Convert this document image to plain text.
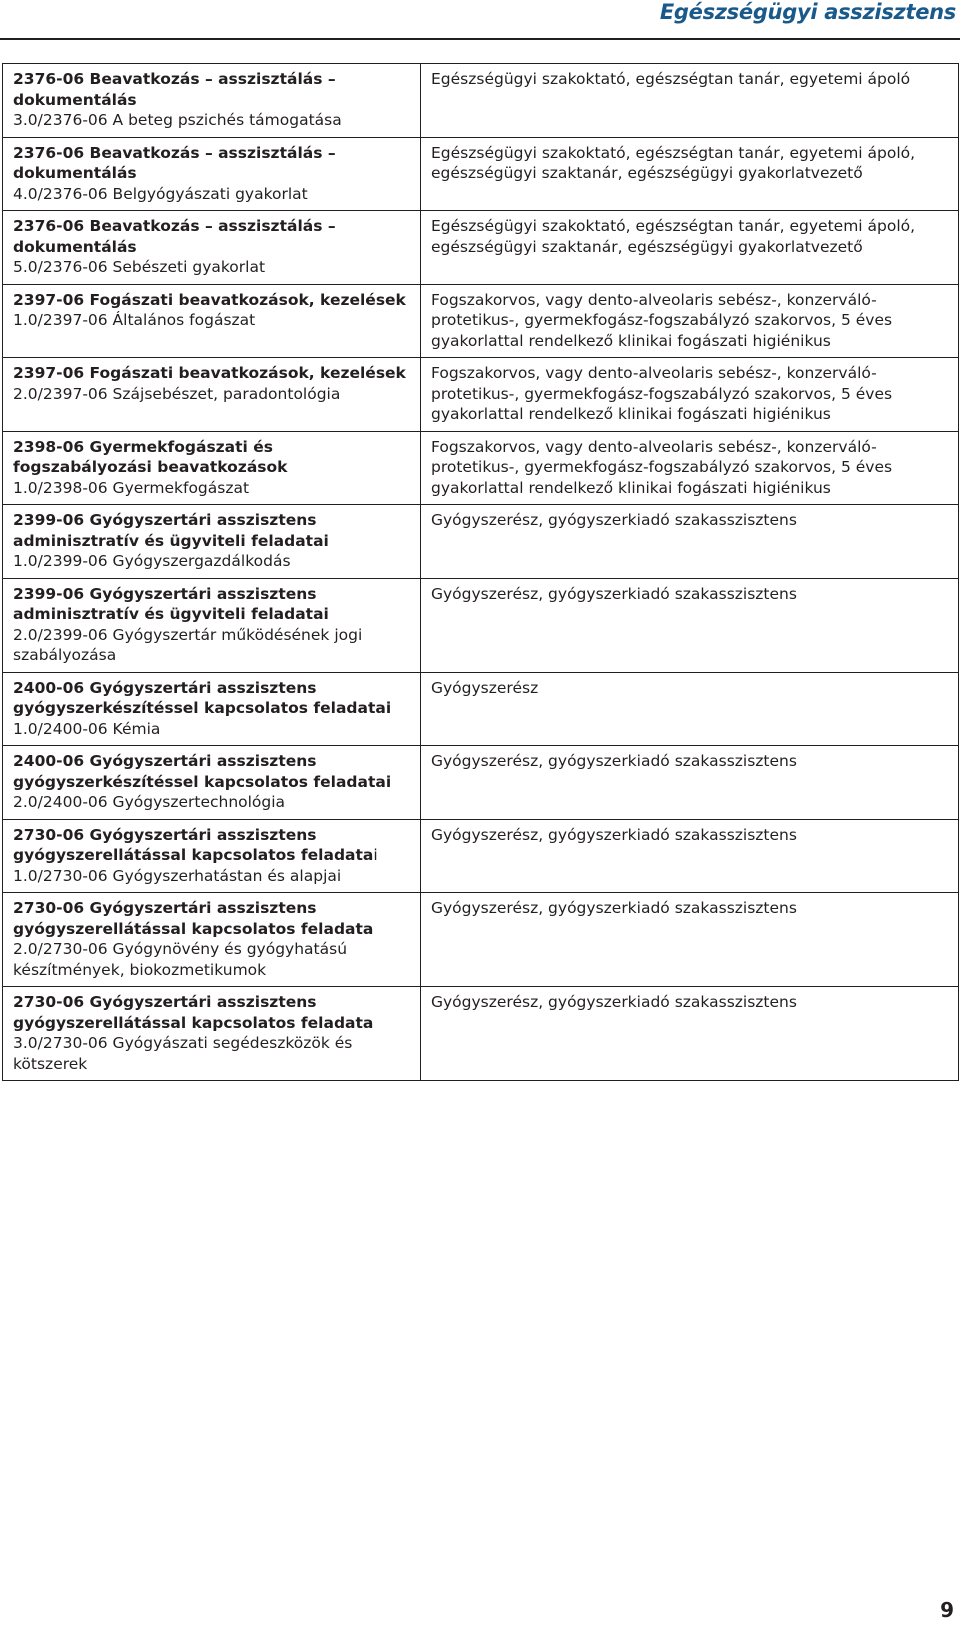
Egészségügyi asszisztens
2376-06 Beavatkozás – asszisztálás – dokumentálás
3.0/2376-06 A beteg pszichés támogatása	Egészségügyi szakoktató, egészségtan tanár, egyetemi ápoló

2376-06 Beavatkozás – asszisztálás – dokumentálás
4.0/2376-06 Belgyógyászati gyakorlat	Egészségügyi szakoktató, egészségtan tanár, egyetemi ápoló, egészségügyi szaktanár, egészségügyi gyakorlatvezető

2376-06 Beavatkozás – asszisztálás – dokumentálás
5.0/2376-06 Sebészeti gyakorlat	Egészségügyi szakoktató, egészségtan tanár, egyetemi ápoló, egészségügyi szaktanár, egészségügyi gyakorlatvezető

2397-06 Fogászati beavatkozások, kezelések
1.0/2397-06 Általános fogászat	Fogszakorvos, vagy dento-alveolaris sebész-, konzerváló-protetikus-, gyermekfogász-fogszabályzó szakorvos, 5 éves gyakorlattal rendelkező klinikai fogászati higiénikus

2397-06 Fogászati beavatkozások, kezelések
2.0/2397-06 Szájsebészet, paradontológia	Fogszakorvos, vagy dento-alveolaris sebész-, konzerváló-protetikus-, gyermekfogász-fogszabályzó szakorvos, 5 éves gyakorlattal rendelkező klinikai fogászati higiénikus

2398-06 Gyermekfogászati és fogszabályozási beavatkozások
1.0/2398-06 Gyermekfogászat	Fogszakorvos, vagy dento-alveolaris sebész-, konzerváló-protetikus-, gyermekfogász-fogszabályzó szakorvos, 5 éves gyakorlattal rendelkező klinikai fogászati higiénikus

2399-06 Gyógyszertári asszisztens adminisztratív és ügyviteli feladatai
1.0/2399-06 Gyógyszergazdálkodás	Gyógyszerész, gyógyszerkiadó szakasszisztens

2399-06 Gyógyszertári asszisztens adminisztratív és ügyviteli feladatai
2.0/2399-06 Gyógyszertár működésének jogi szabályozása	Gyógyszerész, gyógyszerkiadó szakasszisztens

2400-06 Gyógyszertári asszisztens gyógyszerkészítéssel kapcsolatos feladatai
1.0/2400-06 Kémia	Gyógyszerész

2400-06 Gyógyszertári asszisztens gyógyszerkészítéssel kapcsolatos feladatai
2.0/2400-06 Gyógyszertechnológia	Gyógyszerész, gyógyszerkiadó szakasszisztens

2730-06 Gyógyszertári asszisztens gyógyszerellátással kapcsolatos feladatai
1.0/2730-06 Gyógyszerhatástan és alapjai	Gyógyszerész, gyógyszerkiadó szakasszisztens

2730-06 Gyógyszertári asszisztens gyógyszerellátással kapcsolatos feladata
2.0/2730-06 Gyógynövény és gyógyhatású készítmények, biokozmetikumok	Gyógyszerész, gyógyszerkiadó szakasszisztens

2730-06 Gyógyszertári asszisztens gyógyszerellátással kapcsolatos feladata
3.0/2730-06 Gyógyászati segédeszközök és kötszerek	Gyógyszerész, gyógyszerkiadó szakasszisztens
9
